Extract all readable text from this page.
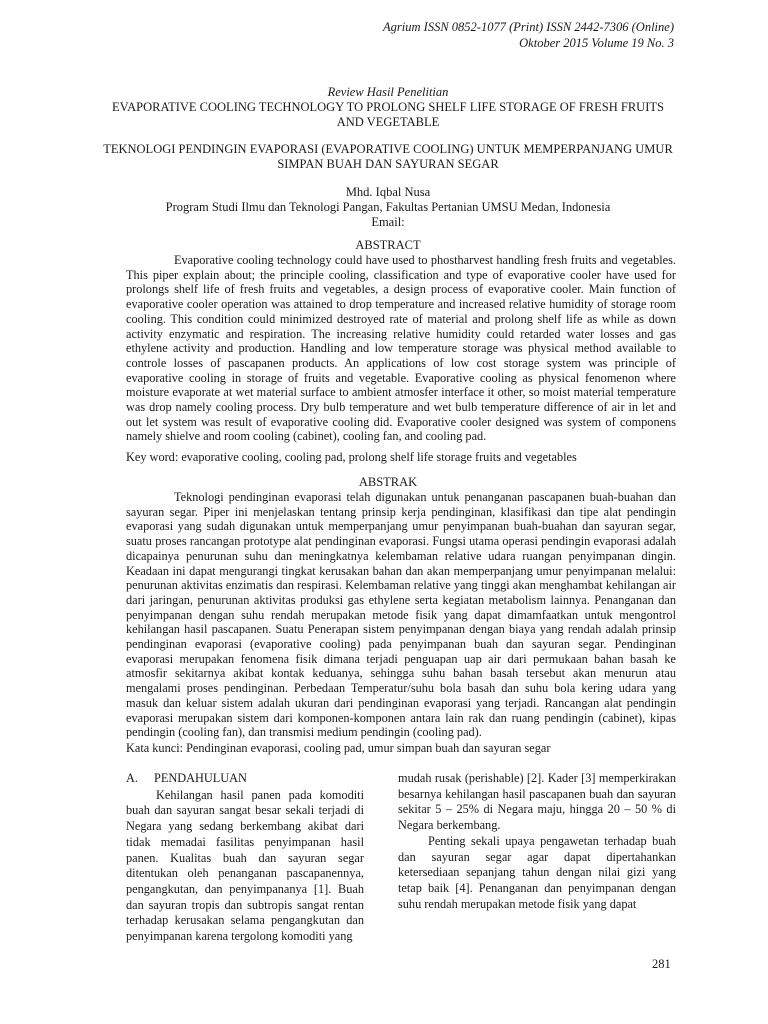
Agrium ISSN 0852-1077 (Print) ISSN 2442-7306 (Online)
Oktober 2015 Volume 19 No. 3
Review Hasil Penelitian
EVAPORATIVE COOLING TECHNOLOGY TO PROLONG SHELF LIFE STORAGE OF FRESH FRUITS AND VEGETABLE
TEKNOLOGI PENDINGIN EVAPORASI (EVAPORATIVE COOLING) UNTUK MEMPERPANJANG UMUR SIMPAN BUAH DAN SAYURAN SEGAR
Mhd. Iqbal Nusa
Program Studi Ilmu dan Teknologi Pangan, Fakultas Pertanian UMSU Medan, Indonesia
Email:
ABSTRACT
Evaporative cooling technology could have used to phostharvest handling fresh fruits and vegetables. This piper explain about; the principle cooling, classification and type of evaporative cooler have used for prolongs shelf life of fresh fruits and vegetables, a design process of evaporative cooler. Main function of evaporative cooler operation was attained to drop temperature and increased relative humidity of storage room cooling. This condition could minimized destroyed rate of material and prolong shelf life as while as down activity enzymatic and respiration. The increasing relative humidity could retarded water losses and gas ethylene activity and production. Handling and low temperature storage was physical method available to controle losses of pascapanen products. An applications of low cost storage system was principle of evaporative cooling in storage of fruits and vegetable. Evaporative cooling as physical fenomenon where moisture evaporate at wet material surface to ambient atmosfer interface it other, so moist material temperature was drop namely cooling process. Dry bulb temperature and wet bulb temperature difference of air in let and out let system was result of evaporative cooling did. Evaporative cooler designed was system of componens namely shielve and room cooling (cabinet), cooling fan, and cooling pad.
Key word: evaporative cooling, cooling pad, prolong shelf life storage fruits and vegetables
ABSTRAK
Teknologi pendinginan evaporasi telah digunakan untuk penanganan pascapanen buah-buahan dan sayuran segar. Piper ini menjelaskan tentang prinsip kerja pendinginan, klasifikasi dan tipe alat pendingin evaporasi yang sudah digunakan untuk memperpanjang umur penyimpanan buah-buahan dan sayuran segar, suatu proses rancangan prototype alat pendinginan evaporasi. Fungsi utama operasi pendingin evaporasi adalah dicapainya penurunan suhu dan meningkatnya kelembaman relative udara ruangan penyimpanan dingin. Keadaan ini dapat mengurangi tingkat kerusakan bahan dan akan memperpanjang umur penyimpanan melalui: penurunan aktivitas enzimatis dan respirasi. Kelembaman relative yang tinggi akan menghambat kehilangan air dari jaringan, penurunan aktivitas produksi gas ethylene serta kegiatan metabolism lainnya. Penanganan dan penyimpanan dengan suhu rendah merupakan metode fisik yang dapat dimamfaatkan untuk mengontrol kehilangan hasil pascapanen. Suatu Penerapan sistem penyimpanan dengan biaya yang rendah adalah prinsip pendinginan evaporasi (evaporative cooling) pada penyimpanan buah dan sayuran segar. Pendinginan evaporasi merupakan fenomena fisik dimana terjadi penguapan uap air dari permukaan bahan basah ke atmosfir sekitarnya akibat kontak keduanya, sehingga suhu bahan basah tersebut akan menurun atau mengalami proses pendinginan. Perbedaan Temperatur/suhu bola basah dan suhu bola kering udara yang masuk dan keluar sistem adalah ukuran dari pendinginan evaporasi yang terjadi. Rancangan alat pendingin evaporasi merupakan sistem dari komponen-komponen antara lain rak dan ruang pendingin (cabinet), kipas pendingin (cooling fan), dan transmisi medium pendingin (cooling pad).
Kata kunci: Pendinginan evaporasi, cooling pad, umur simpan buah dan sayuran segar
A. PENDAHULUAN

Kehilangan hasil panen pada komoditi buah dan sayuran sangat besar sekali terjadi di Negara yang sedang berkembang akibat dari tidak memadai fasilitas penyimpanan hasil panen. Kualitas buah dan sayuran segar ditentukan oleh penanganan pascapanennya, pengangkutan, dan penyimpananya [1]. Buah dan sayuran tropis dan subtropis sangat rentan terhadap kerusakan selama pengangkutan dan penyimpanan karena tergolong komoditi yang

mudah rusak (perishable) [2]. Kader [3] memperkirakan besarnya kehilangan hasil pascapanen buah dan sayuran sekitar 5 – 25% di Negara maju, hingga 20 – 50 % di Negara berkembang.

Penting sekali upaya pengawetan terhadap buah dan sayuran segar agar dapat dipertahankan ketersediaan sepanjang tahun dengan nilai gizi yang tetap baik [4]. Penanganan dan penyimpanan dengan suhu rendah merupakan metode fisik yang dapat

281
